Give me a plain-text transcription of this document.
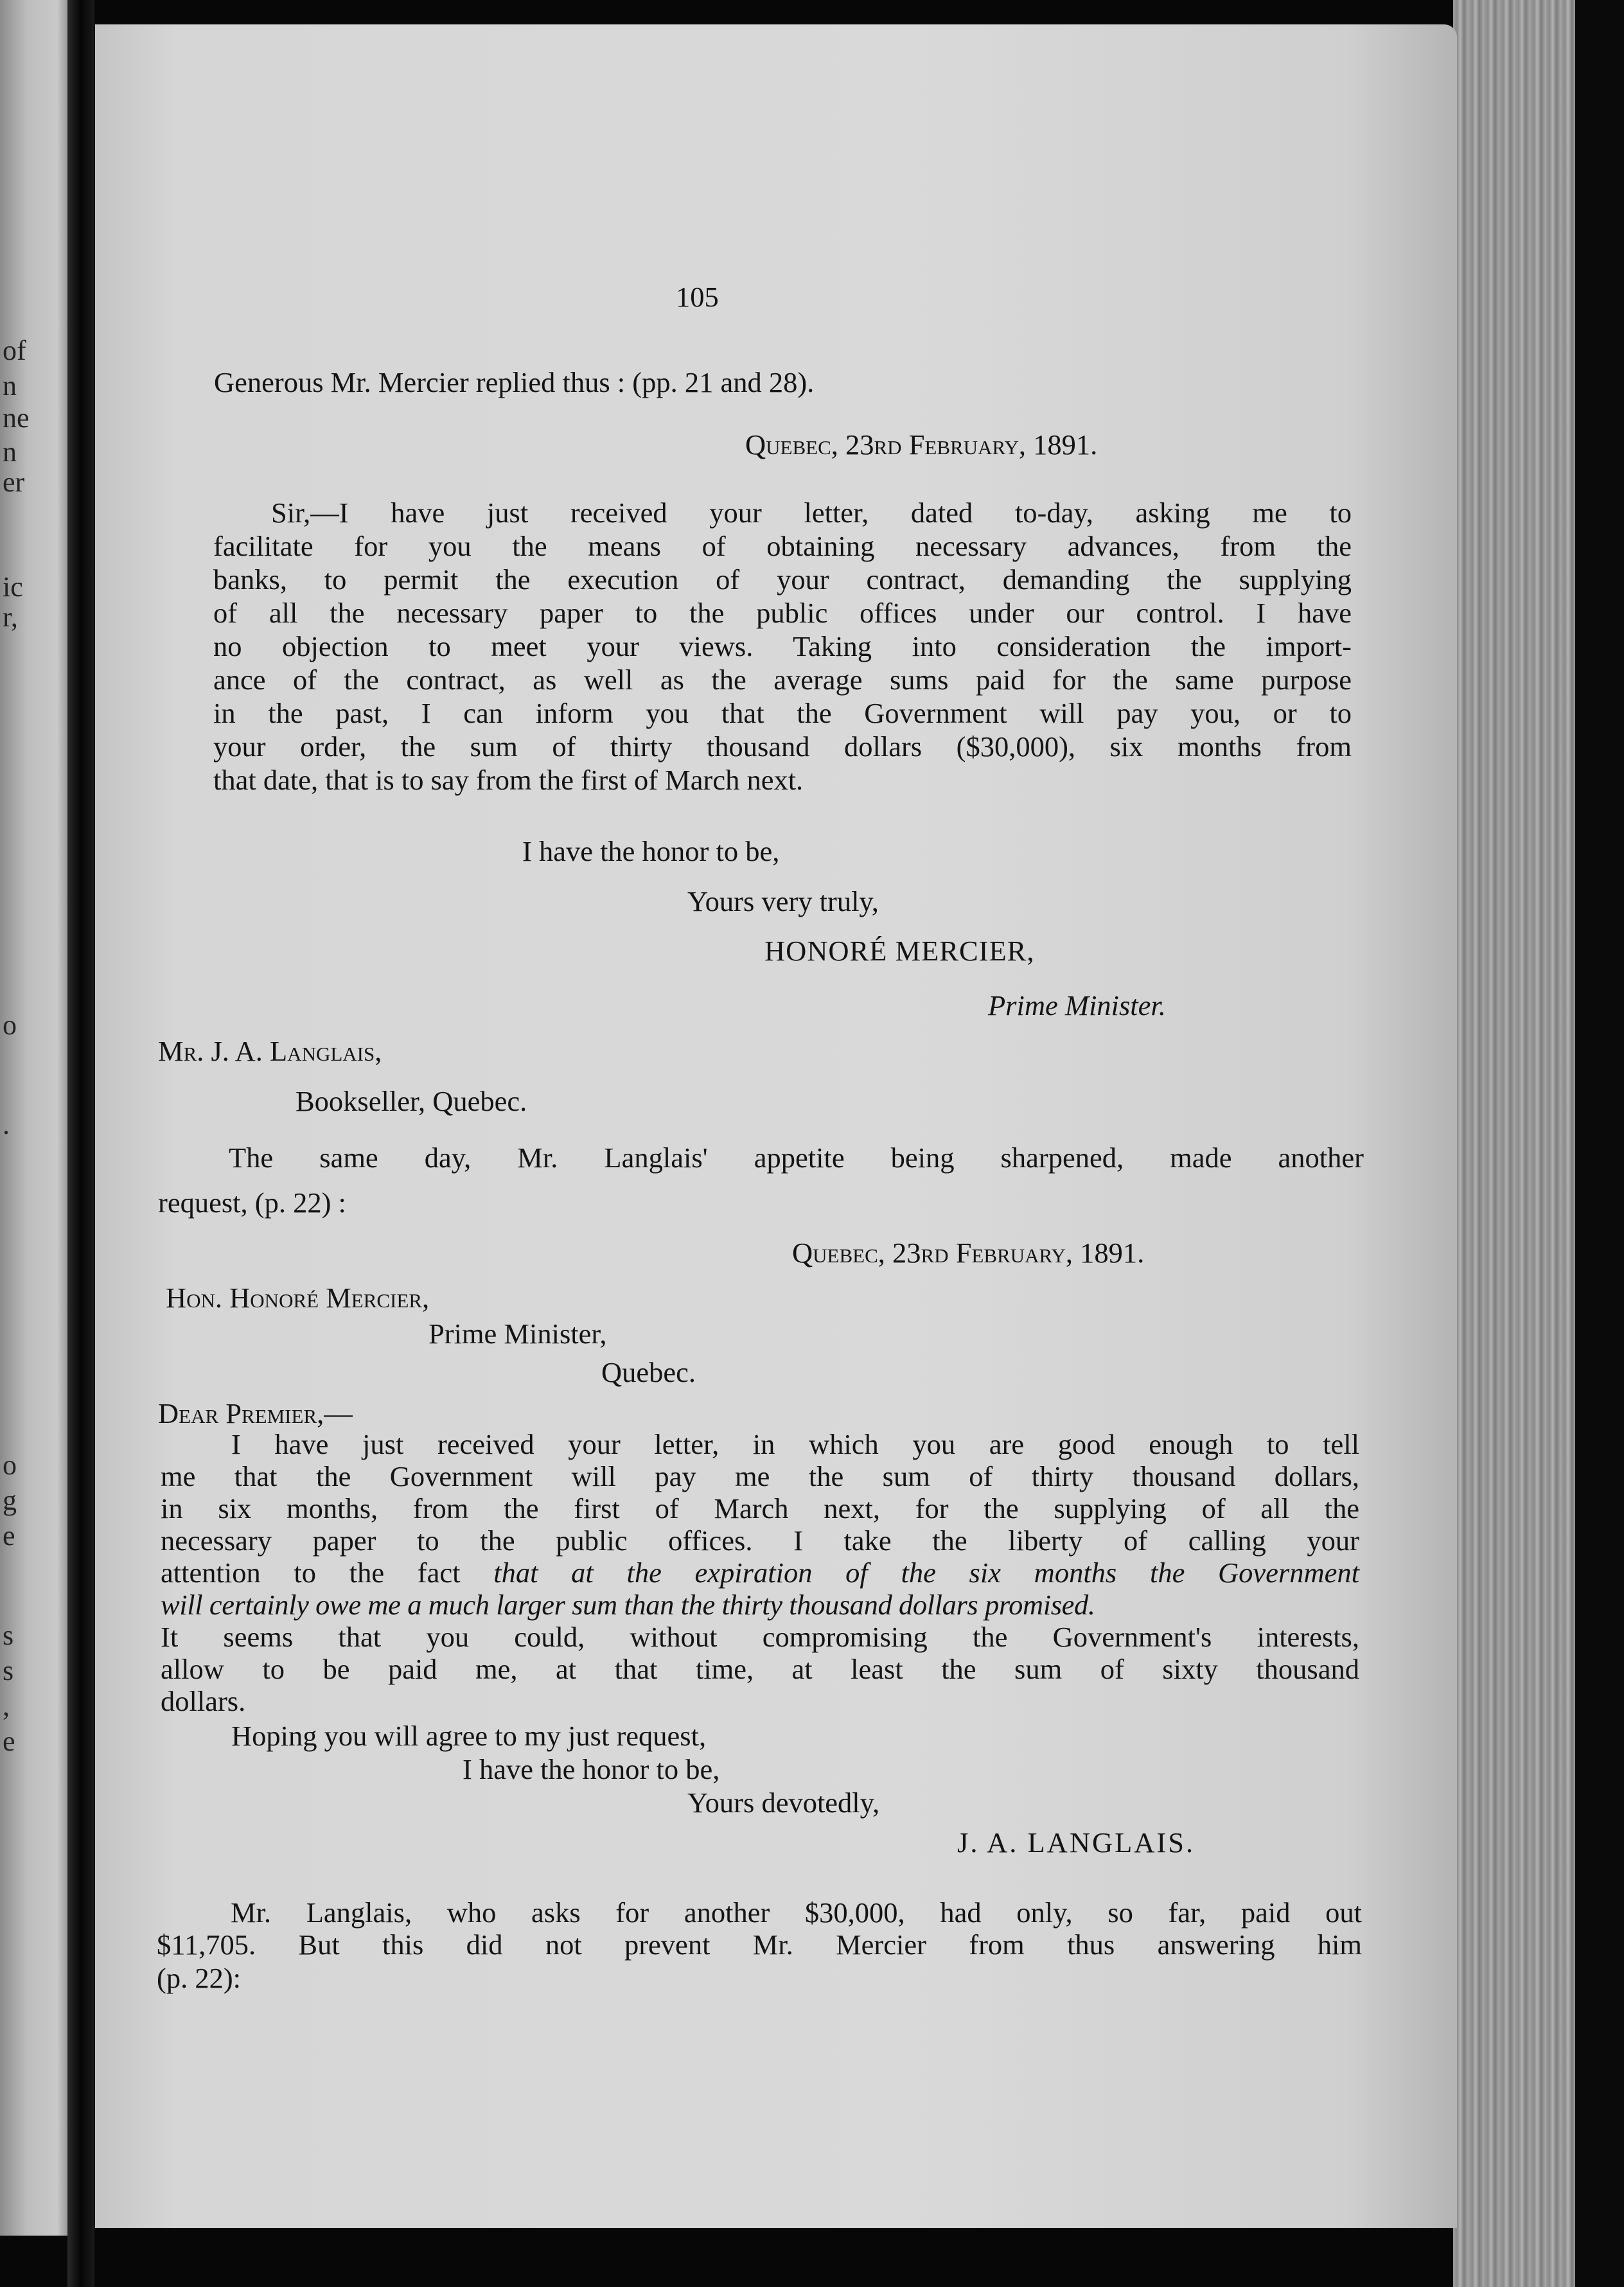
of
n
ne
n
er
ic
r,
o
.
o
g
e
s
s
,
e
105
Generous Mr. Mercier replied thus : (pp. 21 and 28).
Quebec, 23rd February, 1891.
Sir,—I have just received your letter, dated to-day, asking me to
facilitate for you the means of obtaining necessary advances, from the
banks, to permit the execution of your contract, demanding the supplying
of all the necessary paper to the public offices under our control. I have
no objection to meet your views. Taking into consideration the import-
ance of the contract, as well as the average sums paid for the same purpose
in the past, I can inform you that the Government will pay you, or to
your order, the sum of thirty thousand dollars ($30,000), six months from
that date, that is to say from the first of March next.
I have the honor to be,
Yours very truly,
HONORÉ MERCIER,
Prime Minister.
Mr. J. A. Langlais,
Bookseller, Quebec.
The same day, Mr. Langlais' appetite being sharpened, made another
request, (p. 22) :
Quebec, 23rd February, 1891.
Hon. Honoré Mercier,
Prime Minister,
Quebec.
Dear Premier,—
I have just received your letter, in which you are good enough to tell
me that the Government will pay me the sum of thirty thousand dollars,
in six months, from the first of March next, for the supplying of all the
necessary paper to the public offices. I take the liberty of calling your
attention to the fact that at the expiration of the six months the Government
will certainly owe me a much larger sum than the thirty thousand dollars promised.
It seems that you could, without compromising the Government's interests,
allow to be paid me, at that time, at least the sum of sixty thousand
dollars.
Hoping you will agree to my just request,
I have the honor to be,
Yours devotedly,
J. A. LANGLAIS.
Mr. Langlais, who asks for another $30,000, had only, so far, paid out
$11,705. But this did not prevent Mr. Mercier from thus answering him
(p. 22):
